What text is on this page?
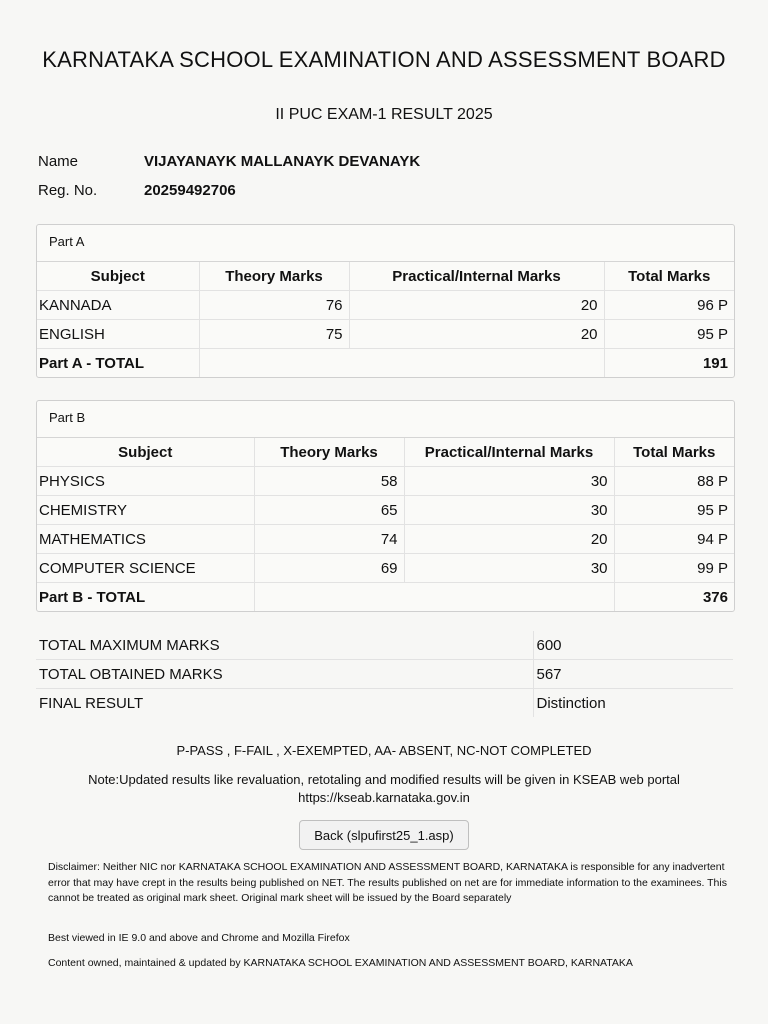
KARNATAKA SCHOOL EXAMINATION AND ASSESSMENT BOARD
II PUC EXAM-1 RESULT 2025
Name	VIJAYANAYK MALLANAYK DEVANAYK
Reg. No.	20259492706
Part A
Subject	Theory Marks	Practical/Internal Marks	Total Marks
KANNADA	76	20	96 P
ENGLISH	75	20	95 P
Part A - TOTAL			191
Part B
Subject	Theory Marks	Practical/Internal Marks	Total Marks
PHYSICS	58	30	88 P
CHEMISTRY	65	30	95 P
MATHEMATICS	74	20	94 P
COMPUTER SCIENCE	69	30	99 P
Part B - TOTAL			376
TOTAL MAXIMUM MARKS	600
TOTAL OBTAINED MARKS	567
FINAL RESULT	Distinction
P-PASS , F-FAIL , X-EXEMPTED, AA- ABSENT, NC-NOT COMPLETED
Note:Updated results like revaluation, retotaling and modified results will be given in KSEAB web portal
https://kseab.karnataka.gov.in
Back (slpufirst25_1.asp)
Disclaimer: Neither NIC nor KARNATAKA SCHOOL EXAMINATION AND ASSESSMENT BOARD, KARNATAKA is responsible for any inadvertent error that may have crept in the results being published on NET. The results published on net are for immediate information to the examinees. This cannot be treated as original mark sheet. Original mark sheet will be issued by the Board separately
Best viewed in IE 9.0 and above and Chrome and Mozilla Firefox
Content owned, maintained & updated by KARNATAKA SCHOOL EXAMINATION AND ASSESSMENT BOARD, KARNATAKA
